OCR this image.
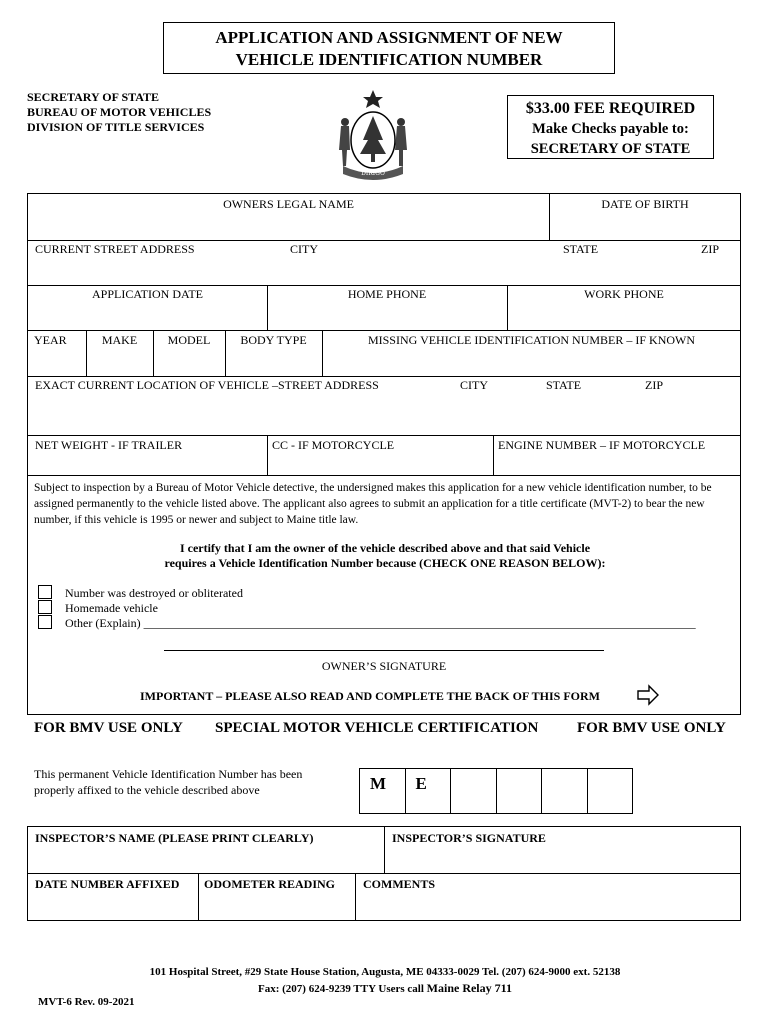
APPLICATION AND ASSIGNMENT OF NEW
VEHICLE IDENTIFICATION NUMBER
SECRETARY OF STATE
BUREAU OF MOTOR VEHICLES
DIVISION OF TITLE SERVICES
DIRIGO
$33.00 FEE REQUIRED
Make Checks payable to:
SECRETARY OF STATE
OWNERS LEGAL NAME	DATE OF BIRTH
CURRENT STREET ADDRESS	CITY	STATE	ZIP
APPLICATION DATE	HOME PHONE	WORK PHONE
YEAR	MAKE	MODEL	BODY TYPE	MISSING VEHICLE IDENTIFICATION NUMBER – IF KNOWN
EXACT CURRENT LOCATION OF VEHICLE –STREET ADDRESS	CITY	STATE	ZIP
NET WEIGHT - IF TRAILER	CC - IF MOTORCYCLE	ENGINE NUMBER – IF MOTORCYCLE
Subject to inspection by a Bureau of Motor Vehicle detective, the undersigned makes this application for a new vehicle identification number, to be assigned permanently to the vehicle listed above. The applicant also agrees to submit an application for a title certificate (MVT-2) to bear the new number, if this vehicle is 1995 or newer and subject to Maine title law.
I certify that I am the owner of the vehicle described above and that said Vehicle
requires a Vehicle Identification Number because (CHECK ONE REASON BELOW):
Number was destroyed or obliterated
Homemade vehicle
Other (Explain) ____________________________________________________________________________________________
OWNER’S SIGNATURE
IMPORTANT – PLEASE ALSO READ AND COMPLETE THE BACK OF THIS FORM
FOR BMV USE ONLY SPECIAL MOTOR VEHICLE CERTIFICATION	FOR BMV USE ONLY
This permanent Vehicle Identification Number has been properly affixed to the vehicle described above	M	E
INSPECTOR’S NAME (PLEASE PRINT CLEARLY)	INSPECTOR’S SIGNATURE
DATE NUMBER AFFIXED ODOMETER READING COMMENTS
101 Hospital Street, #29 State House Station, Augusta, ME 04333-0029 Tel. (207) 624-9000 ext. 52138
Fax: (207) 624-9239 TTY Users call Maine Relay 711
MVT-6 Rev. 09-2021
